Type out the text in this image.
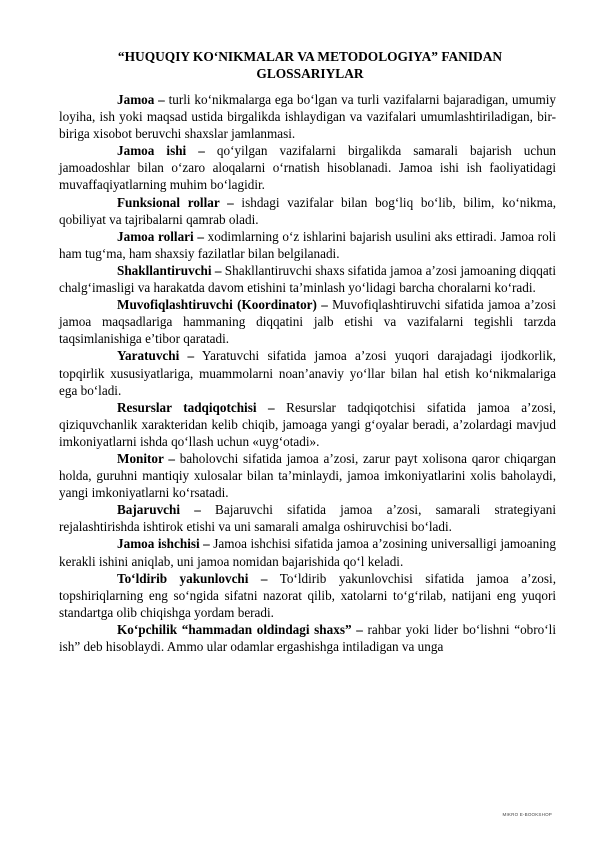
“HUQUQIY KO‘NIKMALAR VA METODOLOGIYA” FANIDAN
GLOSSARIYLAR

Jamoa – turli ko‘nikmalarga ega bo‘lgan va turli vazifalarni bajaradigan, umumiy loyiha, ish yoki maqsad ustida birgalikda ishlaydigan va vazifalari umumlashtiriladigan, bir-biriga xisobot beruvchi shaxslar jamlanmasi.

Jamoa ishi – qo‘yilgan vazifalarni birgalikda samarali bajarish uchun jamoadoshlar bilan o‘zaro aloqalarni o‘rnatish hisoblanadi. Jamoa ishi ish faoliyatidagi muvaffaqiyatlarning muhim bo‘lagidir.

Funksional rollar – ishdagi vazifalar bilan bog‘liq bo‘lib, bilim, ko‘nikma, qobiliyat va tajribalarni qamrab oladi.

Jamoa rollari – xodimlarning o‘z ishlarini bajarish usulini aks ettiradi. Jamoa roli ham tug‘ma, ham shaxsiy fazilatlar bilan belgilanadi.

Shakllantiruvchi – Shakllantiruvchi shaxs sifatida jamoa a’zosi jamoaning diqqati chalg‘imasligi va harakatda davom etishini ta’minlash yo‘lidagi barcha choralarni ko‘radi.

Muvofiqlashtiruvchi (Koordinator) – Muvofiqlashtiruvchi sifatida jamoa a’zosi jamoa maqsadlariga hammaning diqqatini jalb etishi va vazifalarni tegishli tarzda taqsimlanishiga e’tibor qaratadi.

Yaratuvchi – Yaratuvchi sifatida jamoa a’zosi yuqori darajadagi ijodkorlik, topqirlik xususiyatlariga, muammolarni noan’anaviy yo‘llar bilan hal etish ko‘nikmalariga ega bo‘ladi.

Resurslar tadqiqotchisi – Resurslar tadqiqotchisi sifatida jamoa a’zosi, qiziquvchanlik xarakteridan kelib chiqib, jamoaga yangi g‘oyalar beradi, a’zolardagi mavjud imkoniyatlarni ishda qo‘llash uchun «uyg‘otadi».

Monitor – baholovchi sifatida jamoa a’zosi, zarur payt xolisona qaror chiqargan holda, guruhni mantiqiy xulosalar bilan ta’minlaydi, jamoa imkoniyatlarini xolis baholaydi, yangi imkoniyatlarni ko‘rsatadi.

Bajaruvchi – Bajaruvchi sifatida jamoa a’zosi, samarali strategiyani rejalashtirishda ishtirok etishi va uni samarali amalga oshiruvchisi bo‘ladi.

Jamoa ishchisi – Jamoa ishchisi sifatida jamoa a’zosining universalligi jamoaning kerakli ishini aniqlab, uni jamoa nomidan bajarishida qo‘l keladi.

To‘ldirib yakunlovchi – To‘ldirib yakunlovchisi sifatida jamoa a’zosi, topshiriqlarning eng so‘ngida sifatni nazorat qilib, xatolarni to‘g‘rilab, natijani eng yuqori standartga olib chiqishga yordam beradi.

Ko‘pchilik “hammadan oldindagi shaxs” – rahbar yoki lider bo‘lishni “obro‘li ish” deb hisoblaydi. Ammo ular odamlar ergashishga intiladigan va unga

MIKRO E-BOOKSHOP
